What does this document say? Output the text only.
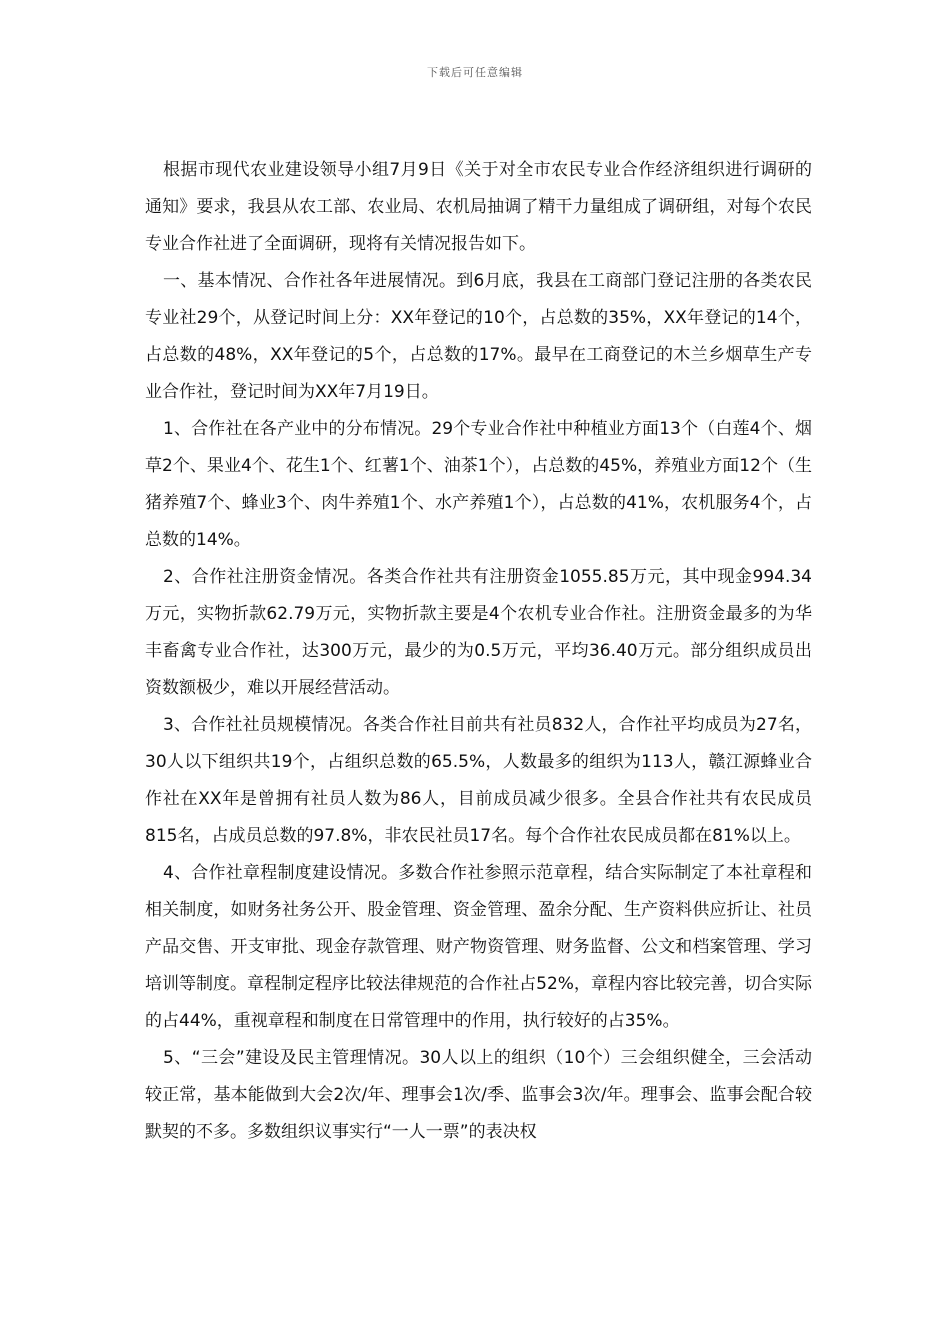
下载后可任意编辑

根据市现代农业建设领导小组7月9日《关于对全市农民专业合作经济组织进行调研的通知》要求，我县从农工部、农业局、农机局抽调了精干力量组成了调研组，对每个农民专业合作社进了全面调研，现将有关情况报告如下。

一、基本情况、合作社各年进展情况。到6月底，我县在工商部门登记注册的各类农民专业社29个，从登记时间上分：XX年登记的10个，占总数的35%，XX年登记的14个，占总数的48%，XX年登记的5个，占总数的17%。最早在工商登记的木兰乡烟草生产专业合作社，登记时间为XX年7月19日。

1、合作社在各产业中的分布情况。29个专业合作社中种植业方面13个（白莲4个、烟草2个、果业4个、花生1个、红薯1个、油茶1个），占总数的45%，养殖业方面12个（生猪养殖7个、蜂业3个、肉牛养殖1个、水产养殖1个），占总数的41%，农机服务4个，占总数的14%。

2、合作社注册资金情况。各类合作社共有注册资金1055.85万元，其中现金994.34万元，实物折款62.79万元，实物折款主要是4个农机专业合作社。注册资金最多的为华丰畜禽专业合作社，达300万元，最少的为0.5万元，平均36.40万元。部分组织成员出资数额极少，难以开展经营活动。

3、合作社社员规模情况。各类合作社目前共有社员832人，合作社平均成员为27名，30人以下组织共19个，占组织总数的65.5%，人数最多的组织为113人，赣江源蜂业合作社在XX年是曾拥有社员人数为86人，目前成员减少很多。全县合作社共有农民成员815名，占成员总数的97.8%，非农民社员17名。每个合作社农民成员都在81%以上。

4、合作社章程制度建设情况。多数合作社参照示范章程，结合实际制定了本社章程和相关制度，如财务社务公开、股金管理、资金管理、盈余分配、生产资料供应折让、社员产品交售、开支审批、现金存款管理、财产物资管理、财务监督、公文和档案管理、学习培训等制度。章程制定程序比较法律规范的合作社占52%，章程内容比较完善，切合实际的占44%，重视章程和制度在日常管理中的作用，执行较好的占35%。

5、“三会”建设及民主管理情况。30人以上的组织（10个）三会组织健全，三会活动较正常，基本能做到大会2次/年、理事会1次/季、监事会3次/年。理事会、监事会配合较默契的不多。多数组织议事实行“一人一票”的表决权
